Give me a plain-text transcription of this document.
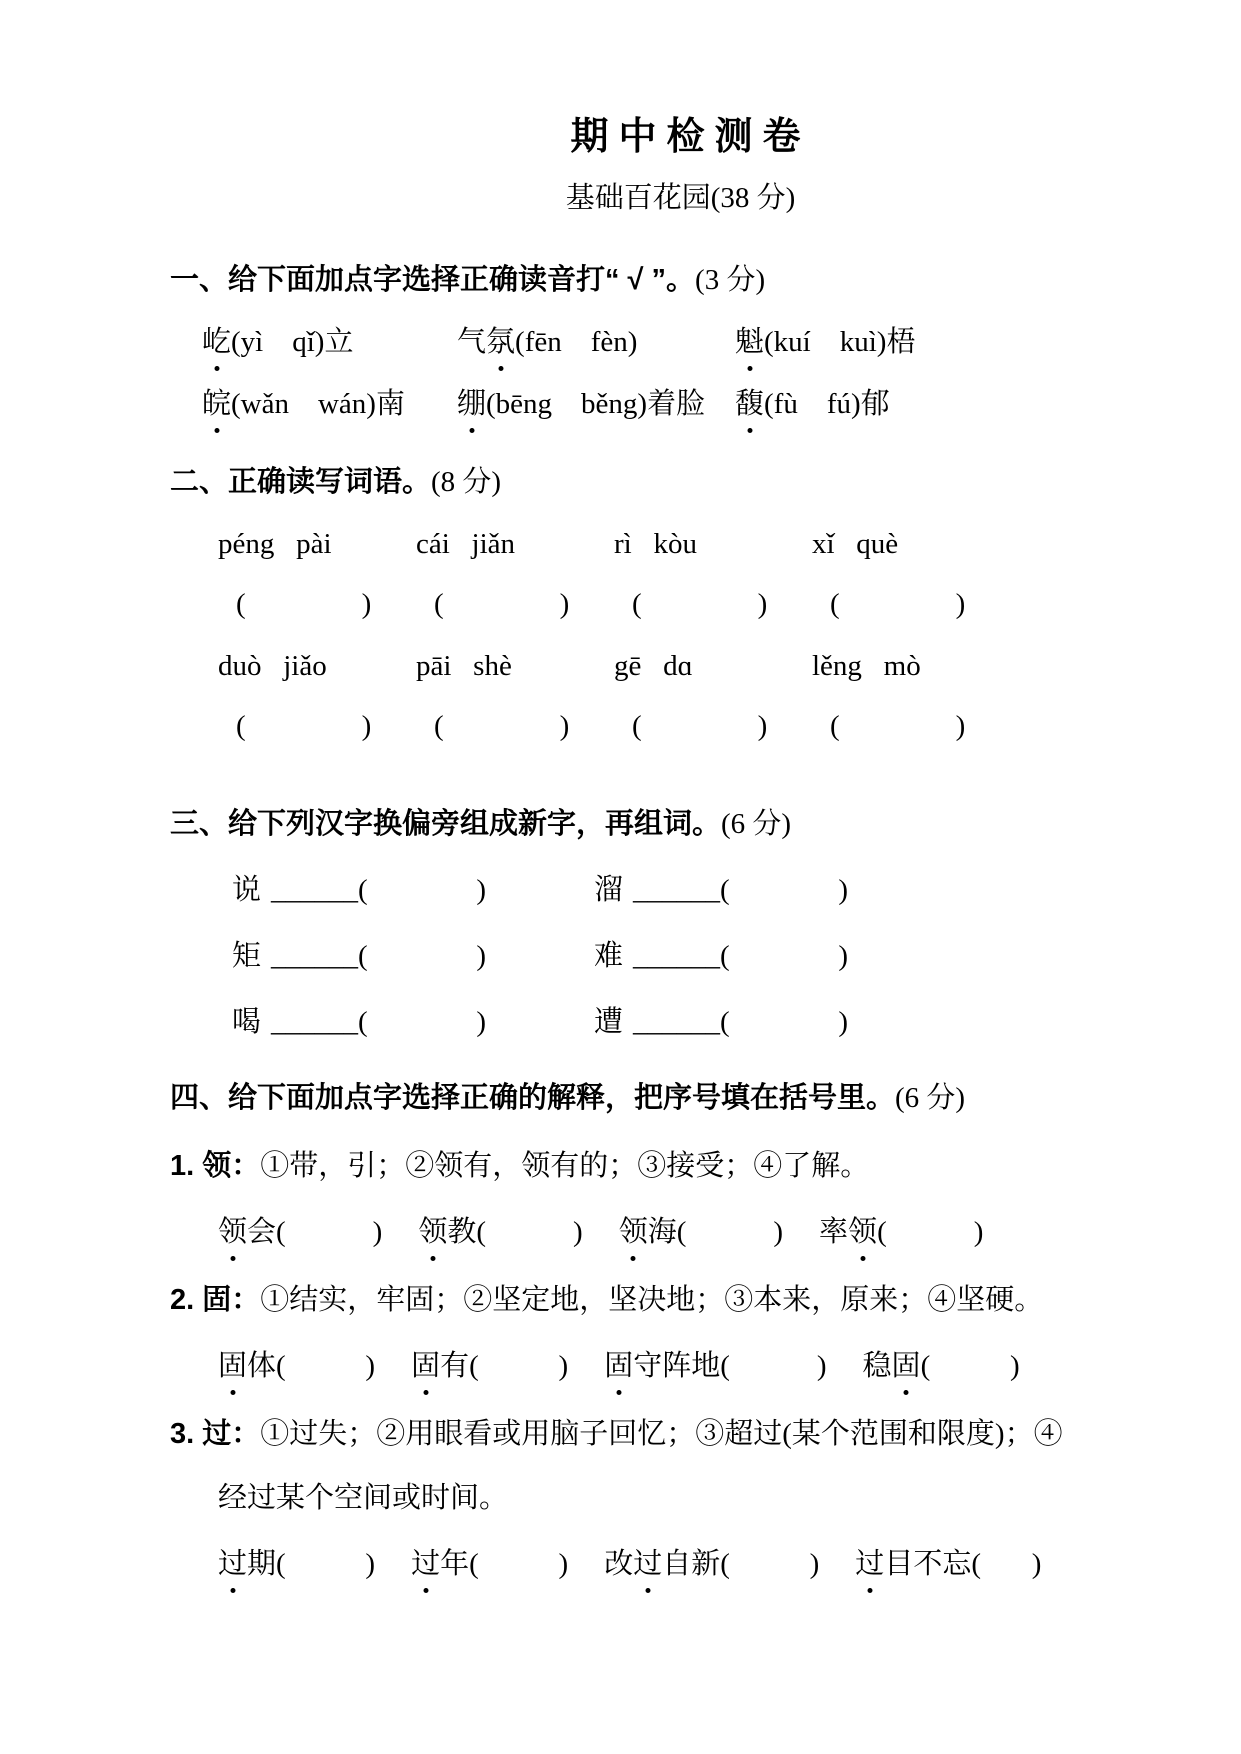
期中检测卷
基础百花园(38 分)
一、给下面加点字选择正确读音打“ √ ”。(3 分)
屹(yì    qǐ)立	气氛(fēn    fèn)	魁(kuí    kuì)梧
皖(wǎn    wán)南	绷(bēng    běng)着脸	馥(fù    fú)郁
二、正确读写词语。(8 分)
péng   pài	cái   jiǎn	rì   kòu	xǐ   què
(                )	(                )	(                )	(                )
duò   jiǎo	pāi   shè	gē   dɑ	lěng   mò
(                )	(                )	(                )	(                )
三、给下列汉字换偏旁组成新字，再组词。(6 分)
说 ______(               )	溜 ______(               )
矩 ______(               )	难 ______(               )
喝 ______(               )	遭 ______(               )
四、给下面加点字选择正确的解释，把序号填在括号里。(6 分)
1. 领：①带，引；②领有，领有的；③接受；④了解。
领会(            ) 领教(            ) 领海(            ) 率领(            )
2. 固：①结实，牢固；②坚定地，坚决地；③本来，原来；④坚硬。
固体(           ) 固有(           ) 固守阵地(            ) 稳固(           )
3. 过：①过失；②用眼看或用脑子回忆；③超过(某个范围和限度)；④
经过某个空间或时间。
过期(           ) 过年(           ) 改过自新(           ) 过目不忘(       )
